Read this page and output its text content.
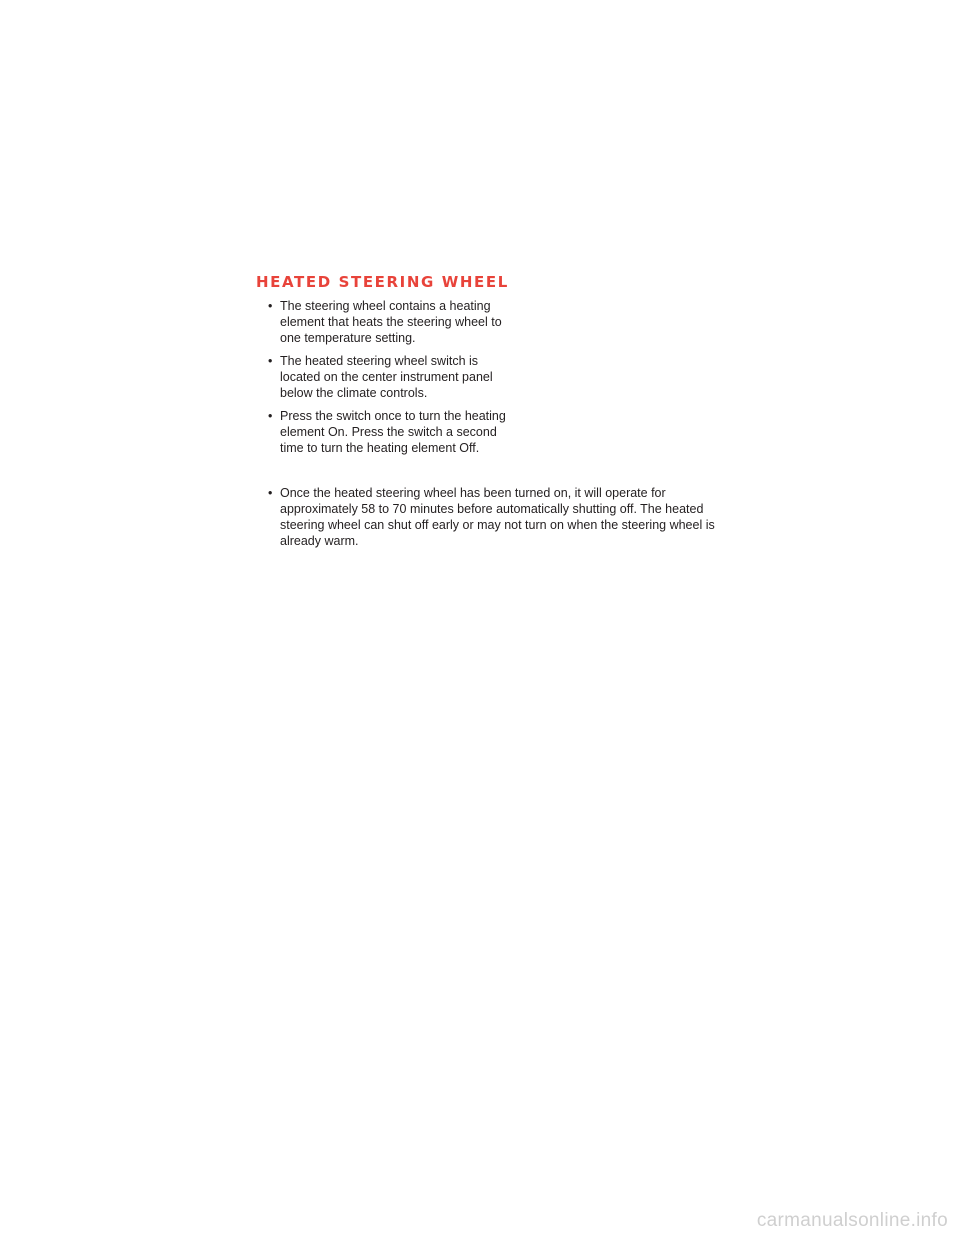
HEATED STEERING WHEEL
• The steering wheel contains a heating element that heats the steering wheel to one temperature setting.
• The heated steering wheel switch is located on the center instrument panel below the climate controls.
• Press the switch once to turn the heating element On. Press the switch a second time to turn the heating element Off.
• Once the heated steering wheel has been turned on, it will operate for approximately 58 to 70 minutes before automatically shutting off. The heated steering wheel can shut off early or may not turn on when the steering wheel is already warm.
carmanualsonline.info
